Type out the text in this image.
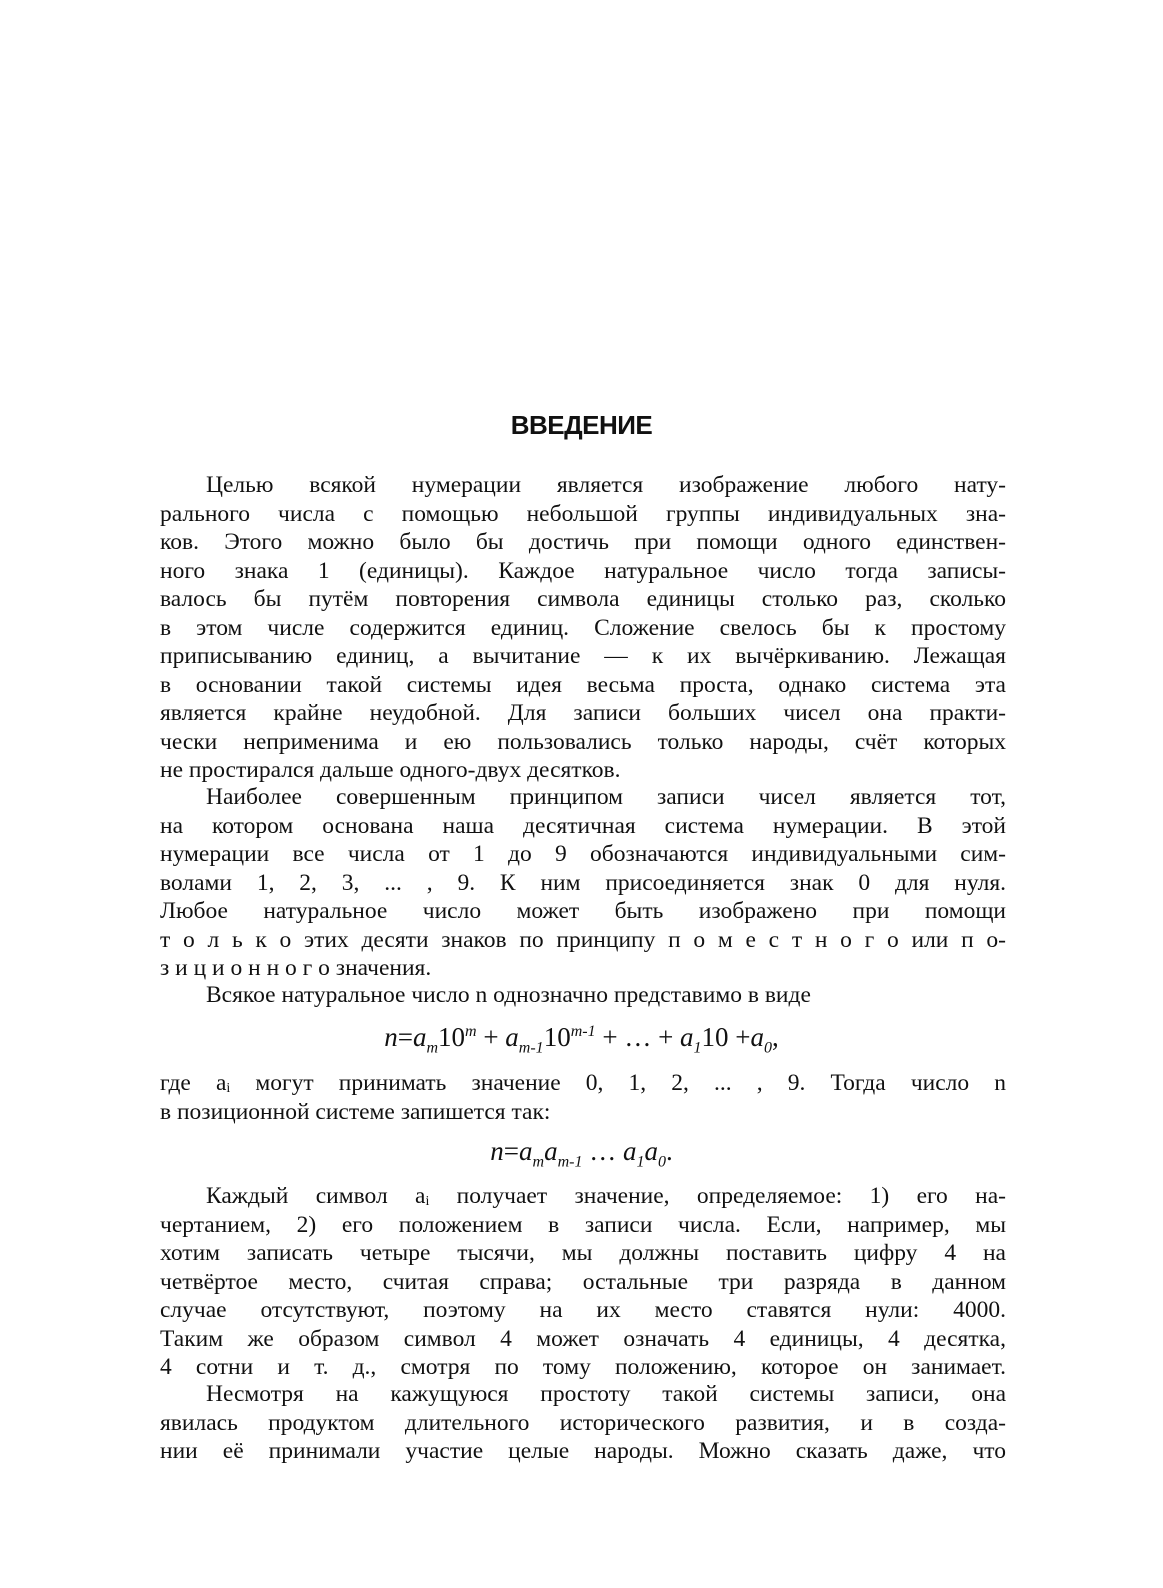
ВВЕДЕНИЕ
Целью всякой нумерации является изображение любого нату-
рального числа с помощью небольшой группы индивидуальных зна-
ков. Этого можно было бы достичь при помощи одного единствен-
ного знака 1 (единицы). Каждое натуральное число тогда записы-
валось бы путём повторения символа единицы столько раз, сколько
в этом числе содержится единиц. Сложение свелось бы к простому
приписыванию единиц, а вычитание — к их вычёркиванию. Лежащая
в основании такой системы идея весьма проста, однако система эта
является крайне неудобной. Для записи больших чисел она практи-
чески неприменима и ею пользовались только народы, счёт которых
не простирался дальше одного-двух десятков.
Наиболее совершенным принципом записи чисел является тот,
на котором основана наша десятичная система нумерации. В этой
нумерации все числа от 1 до 9 обозначаются индивидуальными сим-
волами 1, 2, 3, ... , 9. К ним присоединяется знак 0 для нуля.
Любое натуральное число может быть изображено при помощи
т о л ь к о этих десяти знаков по принципу п о м е с т н о г о или п о-
з и ц и о н н о г о значения.
Всякое натуральное число n однозначно представимо в виде
$n=a_m10^m + a_{m-1}10^{m-1}$ + … + $a_110 +a_0$,
где aᵢ могут принимать значение 0, 1, 2, ... , 9. Тогда число n
в позиционной системе запишется так:
$n=a_ma_{m-1}$ … $a_1a_0$.
Каждый символ aᵢ получает значение, определяемое: 1) его на-
чертанием, 2) его положением в записи числа. Если, например, мы
хотим записать четыре тысячи, мы должны поставить цифру 4 на
четвёртое место, считая справа; остальные три разряда в данном
случае отсутствуют, поэтому на их место ставятся нули: 4000.
Таким же образом символ 4 может означать 4 единицы, 4 десятка,
4 сотни и т. д., смотря по тому положению, которое он занимает.
Несмотря на кажущуюся простоту такой системы записи, она
явилась продуктом длительного исторического развития, и в созда-
нии её принимали участие целые народы. Можно сказать даже, что
